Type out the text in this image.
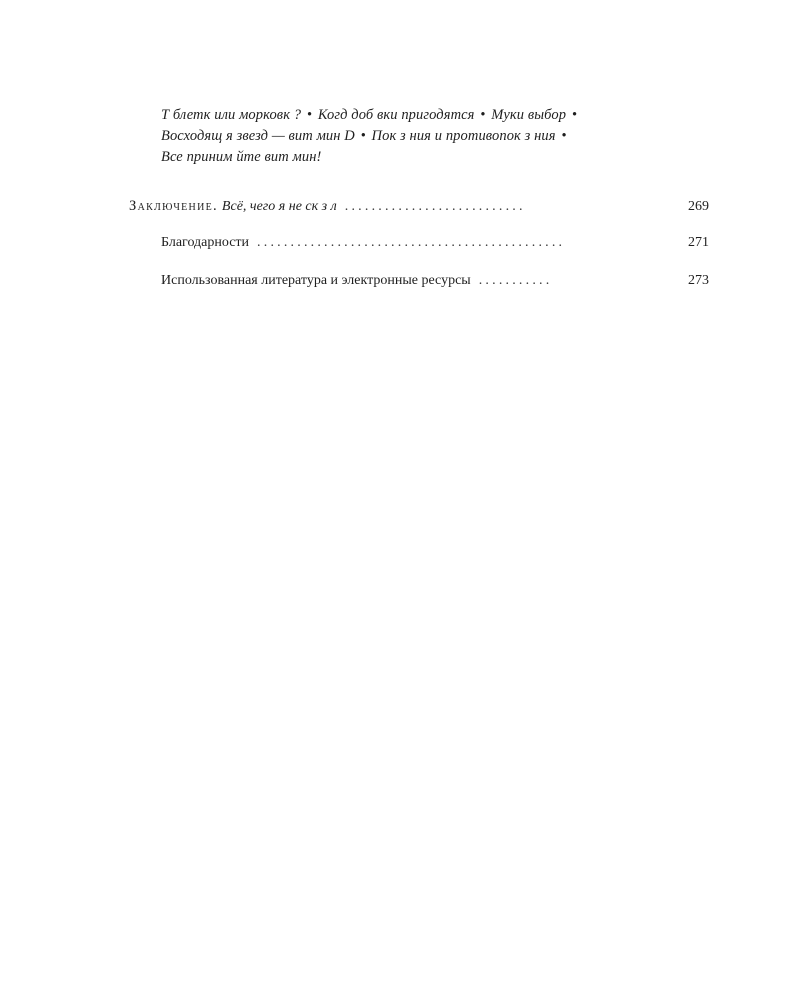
Т блетк или морковк ? • Когд доб вки пригодятся • Муки выбор •
Восходящ я звезд — вит мин D • Пок з ния и противопок з ния •
Все приним йте вит мин!
Заключение. Всё, чего я не ск з л ...........................	269
Благодарности ..............................................	271
Использованная литература и электронные ресурсы ...........	273
